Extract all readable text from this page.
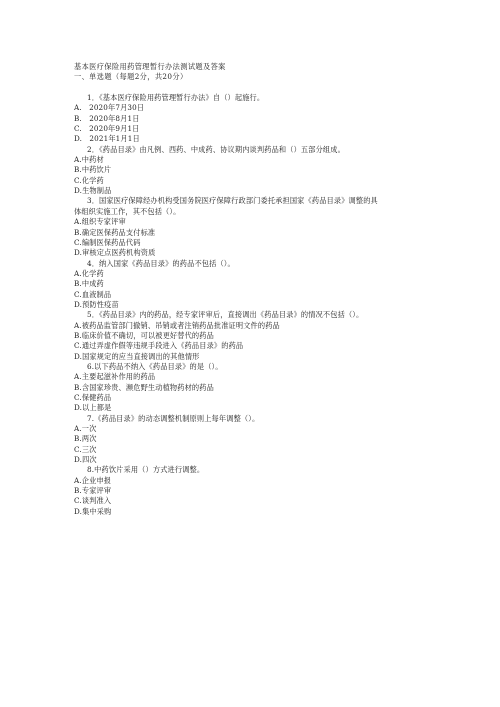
基本医疗保险用药管理暂行办法测试题及答案
一、单选题（每题2分，共20分）
1．《基本医疗保险用药管理暂行办法》自（）起施行。
A.　2020年7月30日
B.　2020年8月1日
C.　2020年9月1日
D.　2021年1月1日
2．《药品目录》由凡例、西药、中成药、协议期内谈判药品和（）五部分组成。
A.中药材
B.中药饮片
C.化学药
D.生物制品
3．国家医疗保障经办机构受国务院医疗保障行政部门委托承担国家《药品目录》调整的具
体组织实施工作，其不包括（）。
A.组织专家评审
B.确定医保药品支付标准
C.编制医保药品代码
D.审核定点医药机构资质
4．纳入国家《药品目录》的药品不包括（）。
A.化学药
B.中成药
C.血液制品
D.预防性疫苗
5．《药品目录》内的药品，经专家评审后，直接调出《药品目录》的情况不包括（）。
A.被药品监管部门撤销、吊销或者注销药品批准证明文件的药品
B.临床价值不确切，可以被更好替代的药品
C.通过弄虚作假等违规手段进入《药品目录》的药品
D.国家规定的应当直接调出的其他情形
6.以下药品不纳入《药品目录》的是（）。
A.主要起滋补作用的药品
B.含国家珍贵、濒危野生动植物药材的药品
C.保健药品
D.以上都是
7.《药品目录》的动态调整机制原则上每年调整（）。
A.一次
B.两次
C.三次
D.四次
8.中药饮片采用（）方式进行调整。
A.企业申报
B.专家评审
C.谈判准入
D.集中采购
